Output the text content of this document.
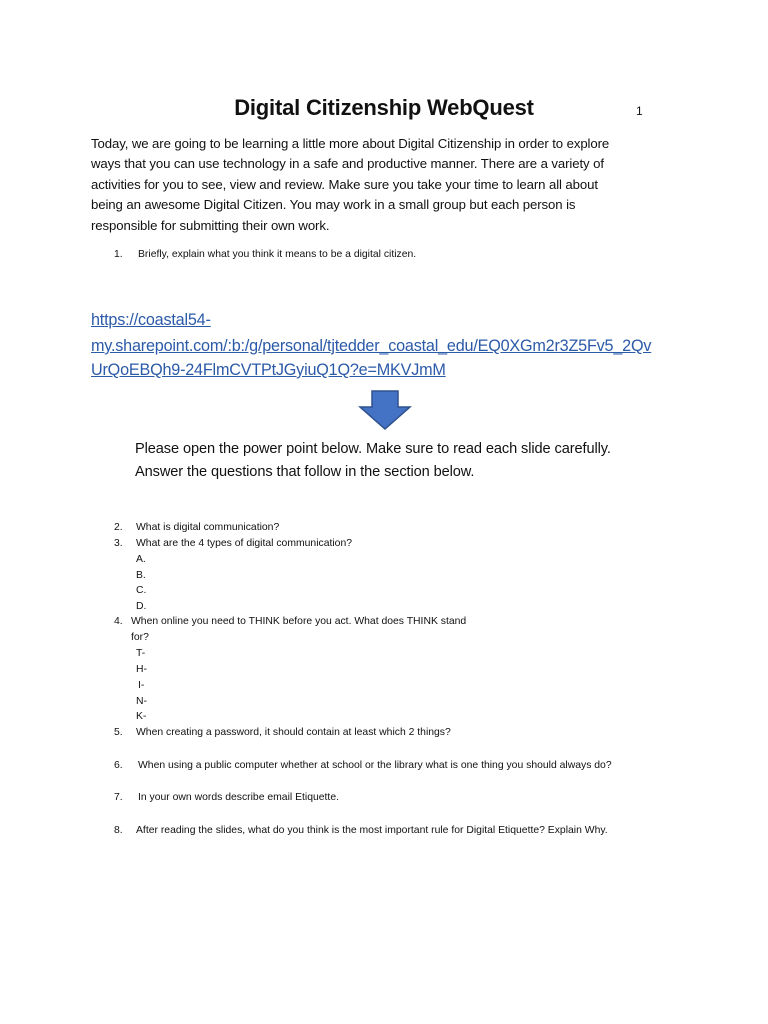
Digital Citizenship WebQuest	1
Today, we are going to be learning a little more about Digital Citizenship in order to explore
ways that you can use technology in a safe and productive manner. There are a variety of
activities for you to see, view and review. Make sure you take your time to learn all about
being an awesome Digital Citizen. You may work in a small group but each person is
responsible for submitting their own work.
1. Briefly, explain what you think it means to be a digital citizen.
https://coastal54-
my.sharepoint.com/:b:/g/personal/tjtedder_coastal_edu/EQ0XGm2r3Z5Fv5_2Qv
UrQoEBQh9-24FlmCVTPtJGyiuQ1Q?e=MKVJmM
Please open the power point below. Make sure to read each slide carefully.
Answer the questions that follow in the section below.
2. What is digital communication?
3. What are the 4 types of digital communication?
A.
B.
C.
D.
4. When online you need to THINK before you act. What does THINK stand
for?
T-
H-
I-
N-
K-
5. When creating a password, it should contain at least which 2 things?
6. When using a public computer whether at school or the library what is one thing you should always do?
7. In your own words describe email Etiquette.
8. After reading the slides, what do you think is the most important rule for Digital Etiquette? Explain Why.
